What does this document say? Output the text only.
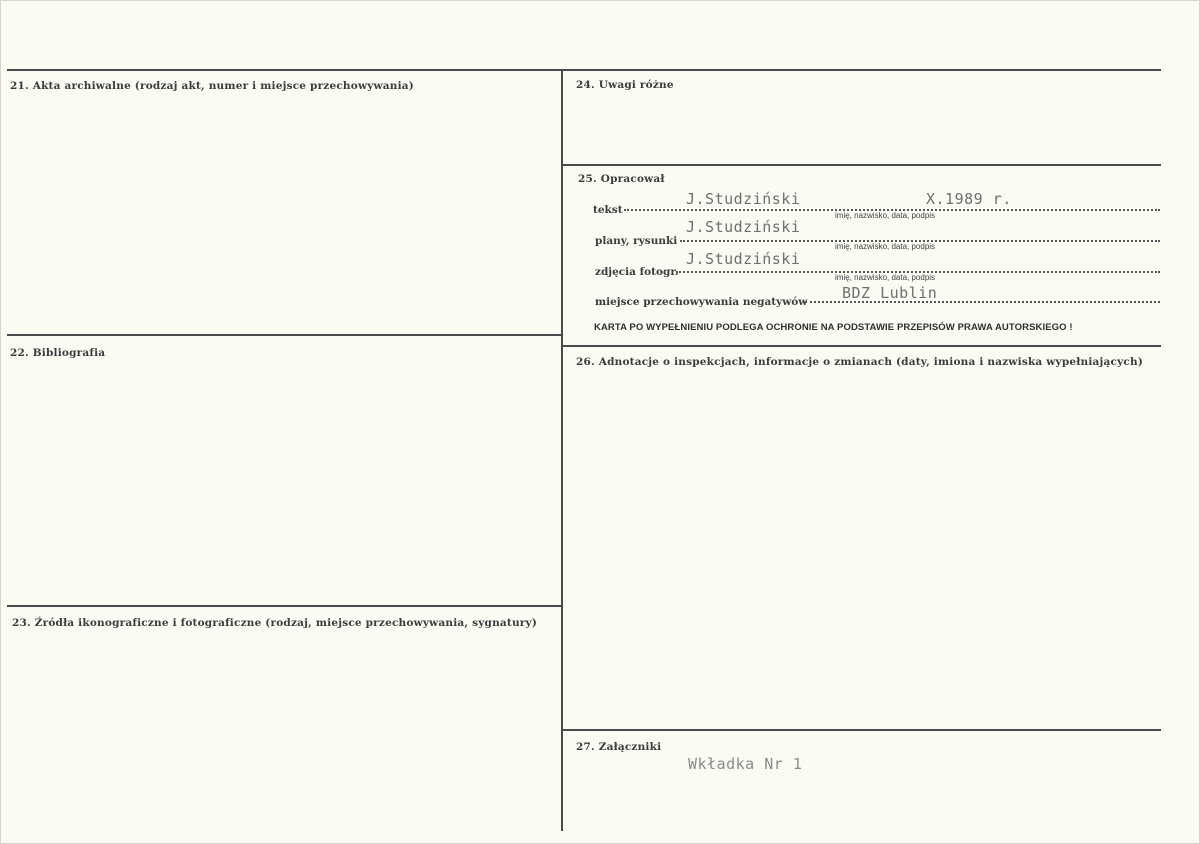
21. Akta archiwalne (rodzaj akt, numer i miejsce przechowywania)
22. Bibliografia
23. Źródła ikonograficzne i fotograficzne (rodzaj, miejsce przechowywania, sygnatury)
24. Uwagi różne
25. Opracował
tekst
J.Studziński	X.1989 r.
imię, nazwisko, data, podpis
plany, rysunki
J.Studziński
imię, nazwisko, data, podpis
zdjęcia fotogr.
J.Studziński
imię, nazwisko, data, podpis
miejsce przechowywania negatywów BDZ Lublin
KARTA PO WYPEŁNIENIU PODLEGA OCHRONIE NA PODSTAWIE PRZEPISÓW PRAWA AUTORSKIEGO !
26. Adnotacje o inspekcjach, informacje o zmianach (daty, imiona i nazwiska wypełniających)
27. Załączniki
Wkładka Nr 1
